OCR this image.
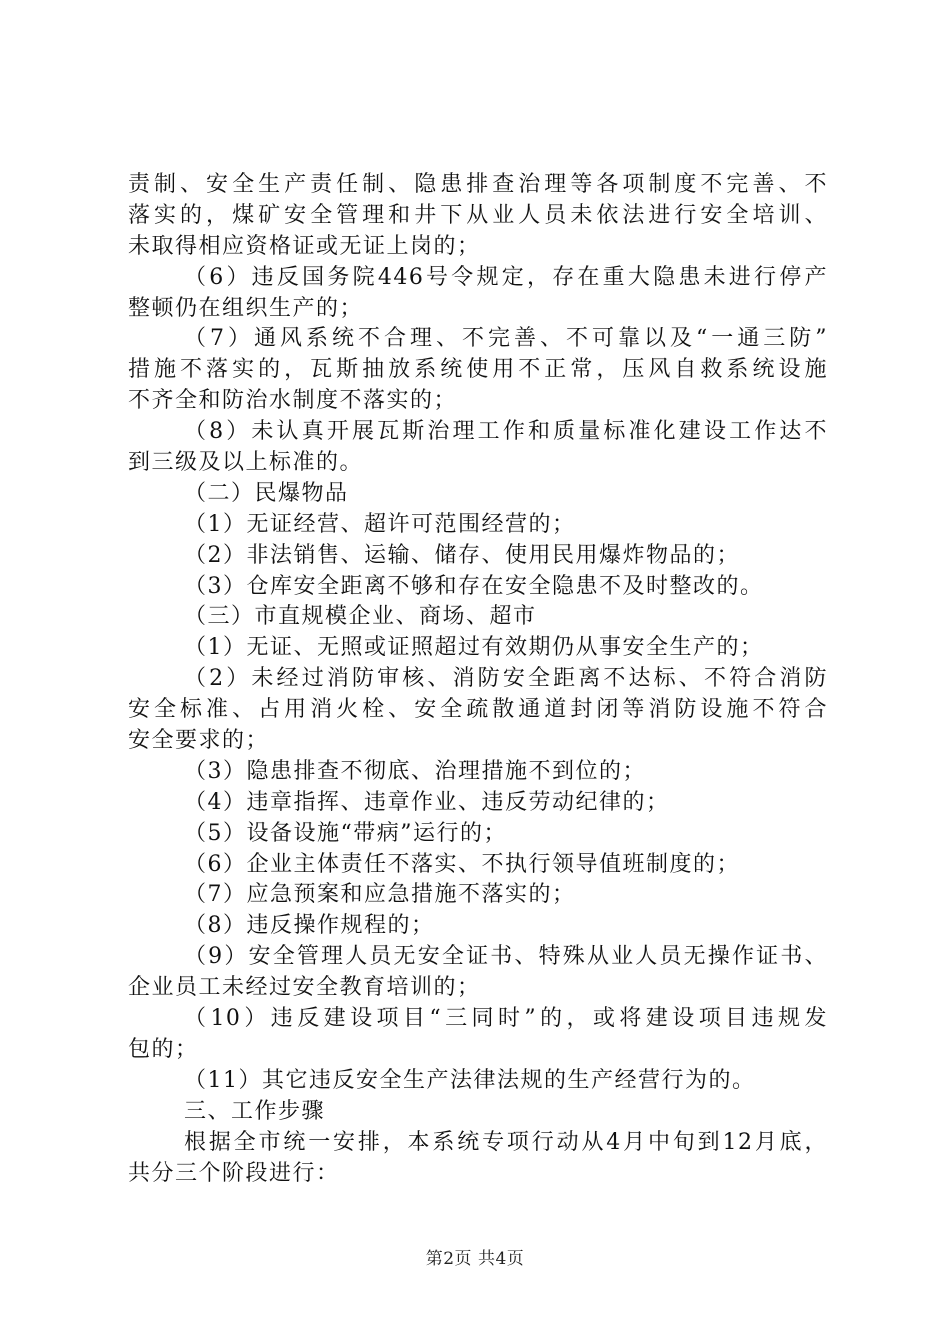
责制、安全生产责任制、隐患排查治理等各项制度不完善、不
落实的，煤矿安全管理和井下从业人员未依法进行安全培训、
未取得相应资格证或无证上岗的；
（6）违反国务院446号令规定，存在重大隐患未进行停产
整顿仍在组织生产的；
（7）通风系统不合理、不完善、不可靠以及“一通三防”
措施不落实的，瓦斯抽放系统使用不正常，压风自救系统设施
不齐全和防治水制度不落实的；
（8）未认真开展瓦斯治理工作和质量标准化建设工作达不
到三级及以上标准的。
（二）民爆物品
（1）无证经营、超许可范围经营的；
（2）非法销售、运输、储存、使用民用爆炸物品的；
（3）仓库安全距离不够和存在安全隐患不及时整改的。
（三）市直规模企业、商场、超市
（1）无证、无照或证照超过有效期仍从事安全生产的；
（2）未经过消防审核、消防安全距离不达标、不符合消防
安全标准、占用消火栓、安全疏散通道封闭等消防设施不符合
安全要求的；
（3）隐患排查不彻底、治理措施不到位的；
（4）违章指挥、违章作业、违反劳动纪律的；
（5）设备设施“带病”运行的；
（6）企业主体责任不落实、不执行领导值班制度的；
（7）应急预案和应急措施不落实的；
（8）违反操作规程的；
（9）安全管理人员无安全证书、特殊从业人员无操作证书、
企业员工未经过安全教育培训的；
（10）违反建设项目“三同时”的，或将建设项目违规发
包的；
（11）其它违反安全生产法律法规的生产经营行为的。
三、工作步骤
根据全市统一安排，本系统专项行动从4月中旬到12月底，
共分三个阶段进行：
第2页 共4页
